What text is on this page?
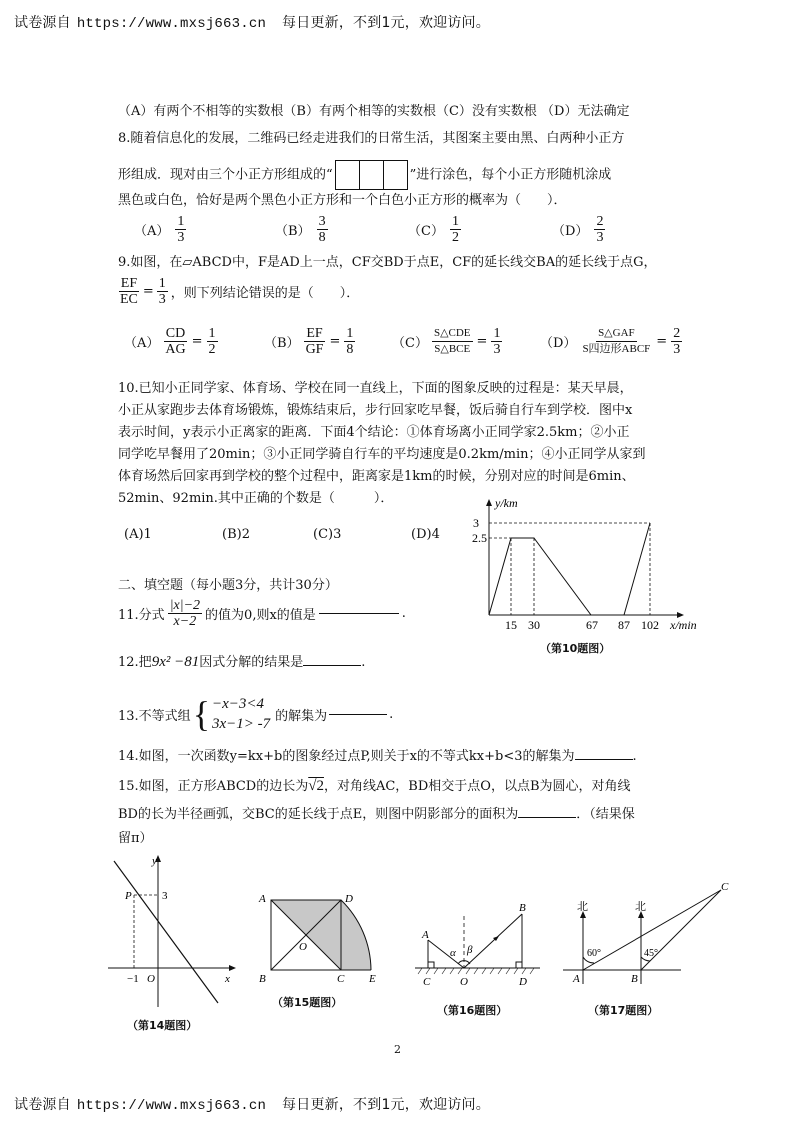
试卷源自 https://www.mxsj663.cn 每日更新，不到1元，欢迎访问。
（A）有两个不相等的实数根（B）有两个相等的实数根（C）没有实数根 （D）无法确定
8.随着信息化的发展，二维码已经走进我们的日常生活，其图案主要由黑、白两种小正方
形组成．现对由三个小正方形组成的“	”进行涂色，每个小正方形随机涂成
黑色或白色，恰好是两个黑色小正方形和一个白色小正方形的概率为（　　）．
$(A) \frac{1}{3}$	$(B) \frac{3}{8}$	$(C) \frac{1}{2}$	$(D) \frac{2}{3}$
9.如图，在▱ABCD中，F是AD上一点，CF交BD于点E，CF的延长线交BA的延长线于点G，
$\frac{EF}{EC} = \frac{1}{3}$ ，则下列结论错误的是（　　）．
$(A) \frac{CD}{AG} = \frac{1}{2}$	$(B) \frac{EF}{GF} = \frac{1}{8}$	$(C) \frac{\text{S△CDE}}{\text{S△BCE}} = \frac{1}{3}$	$(D) \frac{\text{S△GAF}}{\text{S四边形ABCF}} = \frac{2}{3}$
10.已知小正同学家、体育场、学校在同一直线上，下面的图象反映的过程是：某天早晨，
小正从家跑步去体育场锻炼，锻炼结束后，步行回家吃早餐，饭后骑自行车到学校．图中x
表示时间，y表示小正离家的距离．下面4个结论：①体育场离小正同学家2.5km；②小正
同学吃早餐用了20min；③小正同学骑自行车的平均速度是0.2km/min；④小正同学从家到
体育场然后回家再到学校的整个过程中，距离家是1km的时候，分别对应的时间是6min、
52min、92min.其中正确的个数是（　　　）．
(A)1	(B)2	(C)3	(D)4
y/km
3
2.5
15 30	67 87 102 x/min
（第10题图）
二、填空题（每小题3分，共计30分）
11.分式 $\frac{|x|-2}{x-2}$ 的值为0,则x的值是	.
12.把9x² −81因式分解的结果是	.
13.不等式组 { −x−3<4
3x−1> -7 的解集为	.
14.如图，一次函数y=kx+b的图象经过点P,则关于x的不等式kx+b<3的解集为	.
15.如图，正方形ABCD的边长为√2，对角线AC，BD相交于点O，以点B为圆心，对角线
BD的长为半径画弧，交BC的延长线于点E，则图中阴影部分的面积为	．（结果保
留π）
y
P	3
−1 O	x
（第14题图）
A	D
O
B	C E
（第15题图）
A
B
α β
C	O	D
（第16题图）
北	北
60°	45°
C
A	B
（第17题图）
2
试卷源自 https://www.mxsj663.cn 每日更新，不到1元，欢迎访问。
